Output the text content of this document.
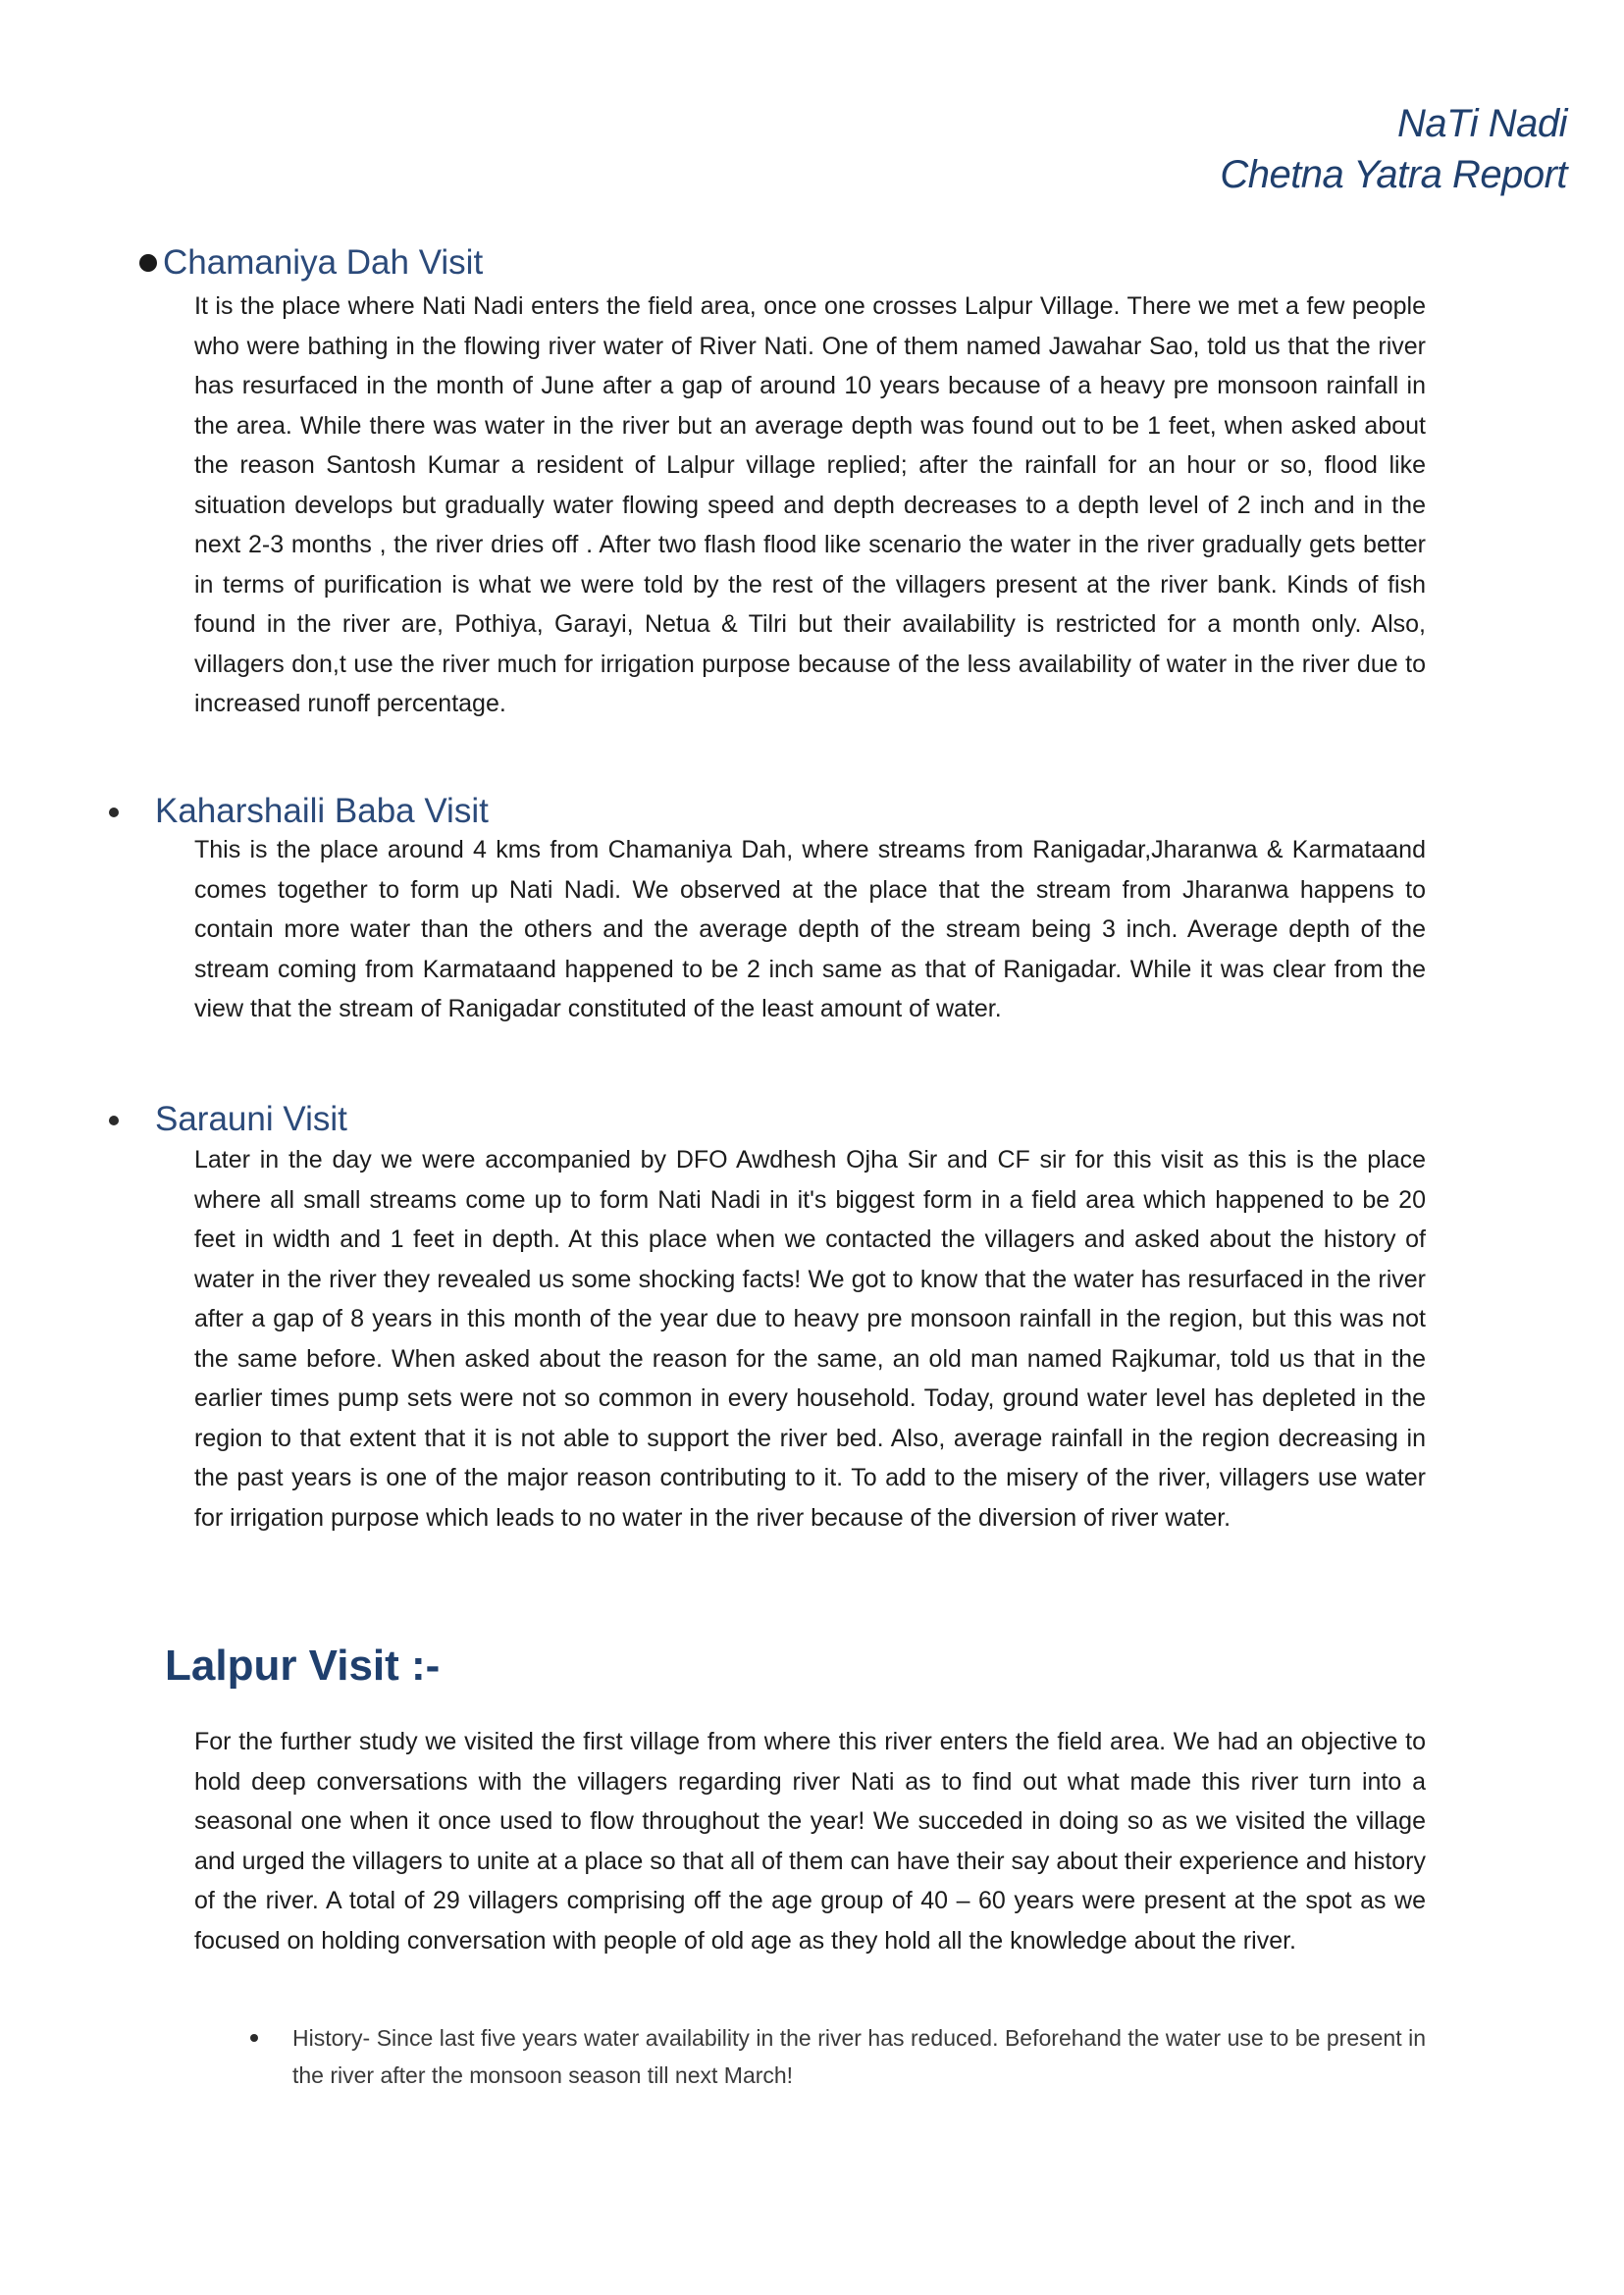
NaTi Nadi
Chetna Yatra Report
Chamaniya Dah Visit
It is the place where Nati Nadi enters the field area, once one crosses Lalpur Village. There we met a few people who were bathing in the flowing river water of River Nati. One of them named Jawahar Sao, told us that the river has resurfaced in the month of June after a gap of around 10 years because of a heavy pre monsoon rainfall in the area. While there was water in the river but an average depth was found out to be 1 feet, when asked about the reason Santosh Kumar a resident of Lalpur village replied; after the rainfall for an hour or so, flood like situation develops but gradually water flowing speed and depth decreases to a depth level of 2 inch and in the next 2-3 months , the river dries off . After two flash flood like scenario the water in the river gradually gets better in terms of purification is what we were told by the rest of the villagers present at the river bank. Kinds of fish found in the river are, Pothiya, Garayi, Netua & Tilri but their availability is restricted for a month only. Also, villagers don,t use the river much for irrigation purpose because of the less availability of water in the river due to increased runoff percentage.
Kaharshaili Baba Visit
This is the place around 4 kms from Chamaniya Dah, where streams from Ranigadar,Jharanwa & Karmataand comes together to form up Nati Nadi. We observed at the place that the stream from Jharanwa happens to contain more water than the others and the average depth of the stream being 3 inch. Average depth of the stream coming from Karmataand happened to be 2 inch same as that of Ranigadar. While it was clear from the view that the stream of Ranigadar constituted of the least amount of water.
Sarauni Visit
Later in the day we were accompanied by DFO Awdhesh Ojha Sir and CF sir for this visit as this is the place where all small streams come up to form Nati Nadi in it's biggest form in a field area which happened to be 20 feet in width and 1 feet in depth. At this place when we contacted the villagers and asked about the history of water in the river they revealed us some shocking facts! We got to know that the water has resurfaced in the river after a gap of 8 years in this month of the year due to heavy pre monsoon rainfall in the region, but this was not the same before. When asked about the reason for the same, an old man named Rajkumar, told us that in the earlier times pump sets were not so common in every household. Today, ground water level has depleted in the region to that extent that it is not able to support the river bed. Also, average rainfall in the region decreasing in the past years is one of the major reason contributing to it. To add to the misery of the river, villagers use water for irrigation purpose which leads to no water in the river because of the diversion of river water.
Lalpur Visit :-
For the further study we visited the first village from where this river enters the field area. We had an objective to hold deep conversations with the villagers regarding river Nati as to find out what made this river turn into a seasonal one when it once used to flow throughout the year! We succeded in doing so as we visited the village and urged the villagers to unite at a place so that all of them can have their say about their experience and history of the river. A total of 29 villagers comprising off the age group of 40 – 60 years were present at the spot as we focused on holding conversation with people of old age as they hold all the knowledge about the river.
History- Since last five years water availability in the river has reduced. Beforehand the water use to be present in the river after the monsoon season till next March!
